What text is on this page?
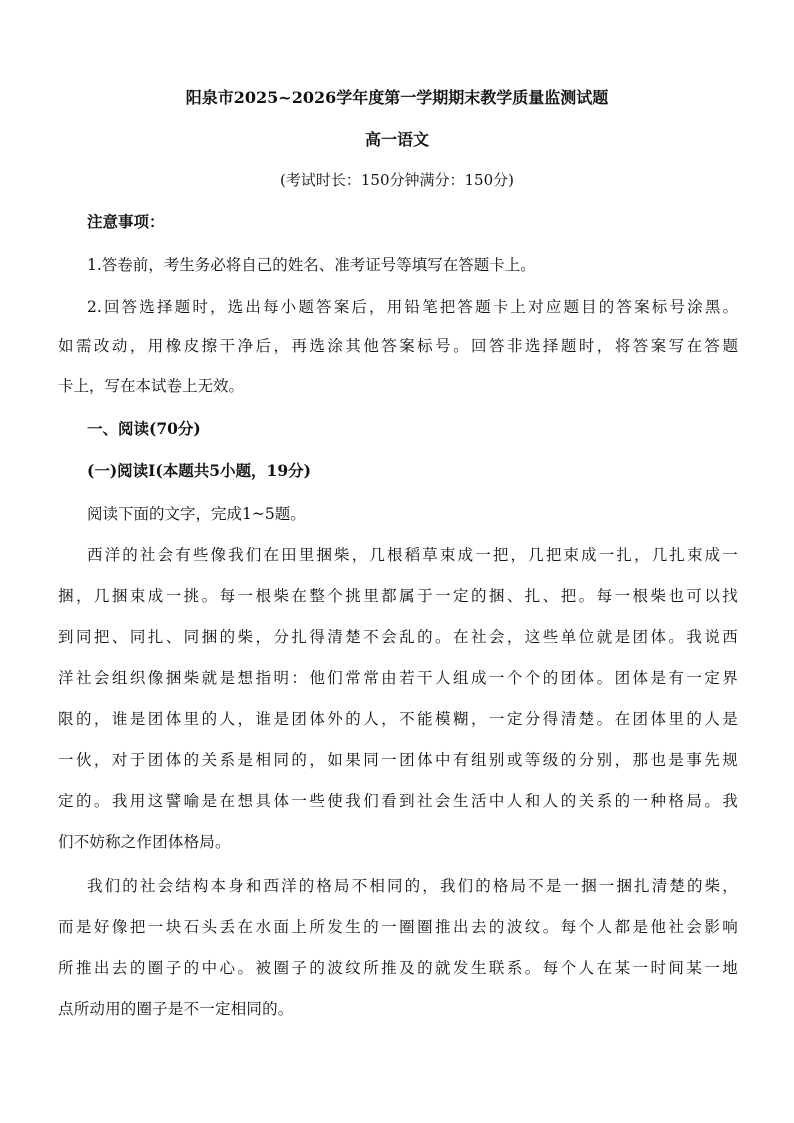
阳泉市2025~2026学年度第一学期期末教学质量监测试题
高一语文
(考试时长：150分钟满分：150分)
注意事项：
1.答卷前，考生务必将自己的姓名、准考证号等填写在答题卡上。
2.回答选择题时，选出每小题答案后，用铅笔把答题卡上对应题目的答案标号涂黑。
如需改动，用橡皮擦干净后，再选涂其他答案标号。回答非选择题时，将答案写在答题
卡上，写在本试卷上无效。
一、阅读(70分)
(一)阅读Ⅰ(本题共5小题，19分)
阅读下面的文字，完成1~5题。
西洋的社会有些像我们在田里捆柴，几根稻草束成一把，几把束成一扎，几扎束成一
捆，几捆束成一挑。每一根柴在整个挑里都属于一定的捆、扎、把。每一根柴也可以找
到同把、同扎、同捆的柴，分扎得清楚不会乱的。在社会，这些单位就是团体。我说西
洋社会组织像捆柴就是想指明：他们常常由若干人组成一个个的团体。团体是有一定界
限的，谁是团体里的人，谁是团体外的人，不能模糊，一定分得清楚。在团体里的人是
一伙，对于团体的关系是相同的，如果同一团体中有组别或等级的分别，那也是事先规
定的。我用这譬喻是在想具体一些使我们看到社会生活中人和人的关系的一种格局。我
们不妨称之作团体格局。
我们的社会结构本身和西洋的格局不相同的，我们的格局不是一捆一捆扎清楚的柴，
而是好像把一块石头丢在水面上所发生的一圈圈推出去的波纹。每个人都是他社会影响
所推出去的圈子的中心。被圈子的波纹所推及的就发生联系。每个人在某一时间某一地
点所动用的圈子是不一定相同的。
